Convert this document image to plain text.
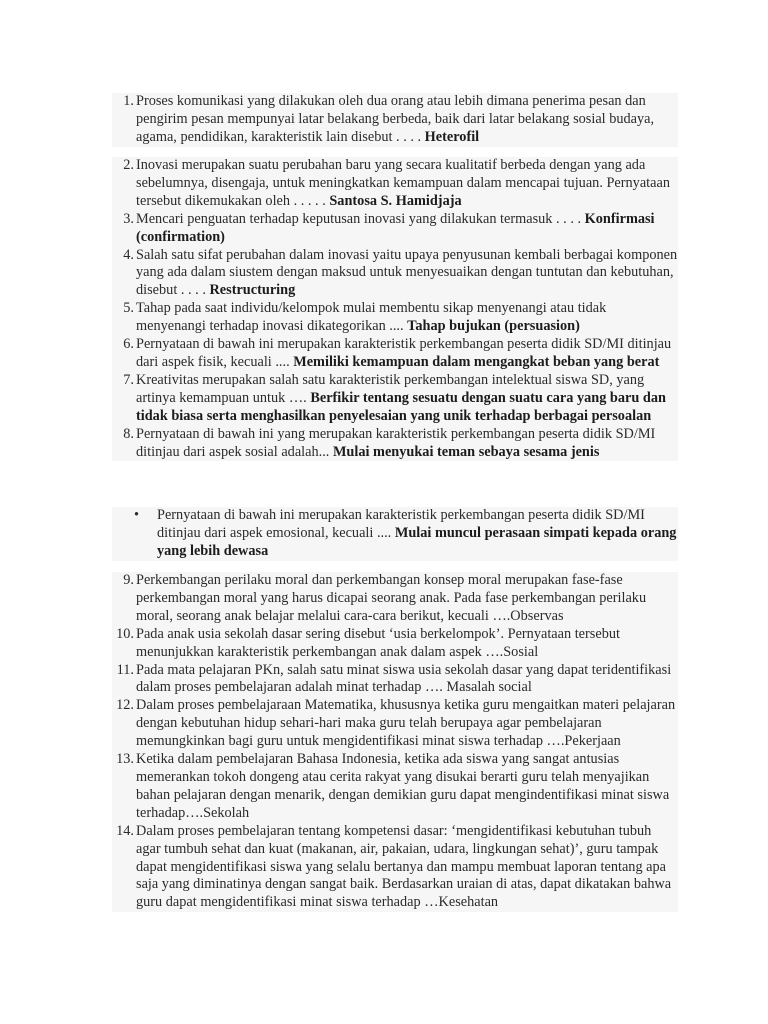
1. Proses komunikasi yang dilakukan oleh dua orang atau lebih dimana penerima pesan dan pengirim pesan mempunyai latar belakang berbeda, baik dari latar belakang sosial budaya, agama, pendidikan, karakteristik lain disebut . . . . Heterofil
2. Inovasi merupakan suatu perubahan baru yang secara kualitatif berbeda dengan yang ada sebelumnya, disengaja, untuk meningkatkan kemampuan dalam mencapai tujuan. Pernyataan tersebut dikemukakan oleh . . . . . Santosa S. Hamidjaja
3. Mencari penguatan terhadap keputusan inovasi yang dilakukan termasuk . . . . Konfirmasi (confirmation)
4. Salah satu sifat perubahan dalam inovasi yaitu upaya penyusunan kembali berbagai komponen yang ada dalam siustem dengan maksud untuk menyesuaikan dengan tuntutan dan kebutuhan, disebut . . . . Restructuring
5. Tahap pada saat individu/kelompok mulai membentu sikap menyenangi atau tidak menyenangi terhadap inovasi dikategorikan .... Tahap bujukan (persuasion)
6. Pernyataan di bawah ini merupakan karakteristik perkembangan peserta didik SD/MI ditinjau dari aspek fisik, kecuali .... Memiliki kemampuan dalam mengangkat beban yang berat
7. Kreativitas merupakan salah satu karakteristik perkembangan intelektual siswa SD, yang artinya kemampuan untuk …. Berfikir tentang sesuatu dengan suatu cara yang baru dan tidak biasa serta menghasilkan penyelesaian yang unik terhadap berbagai persoalan
8. Pernyataan di bawah ini yang merupakan karakteristik perkembangan peserta didik SD/MI ditinjau dari aspek sosial adalah... Mulai menyukai teman sebaya sesama jenis
• Pernyataan di bawah ini merupakan karakteristik perkembangan peserta didik SD/MI ditinjau dari aspek emosional, kecuali .... Mulai muncul perasaan simpati kepada orang yang lebih dewasa
9. Perkembangan perilaku moral dan perkembangan konsep moral merupakan fase-fase perkembangan moral yang harus dicapai seorang anak. Pada fase perkembangan perilaku moral, seorang anak belajar melalui cara-cara berikut, kecuali ….Observas
10. Pada anak usia sekolah dasar sering disebut ‘usia berkelompok’. Pernyataan tersebut menunjukkan karakteristik perkembangan anak dalam aspek ….Sosial
11. Pada mata pelajaran PKn, salah satu minat siswa usia sekolah dasar yang dapat teridentifikasi dalam proses pembelajaran adalah minat terhadap …. Masalah social
12. Dalam proses pembelajaraan Matematika, khususnya ketika guru mengaitkan materi pelajaran dengan kebutuhan hidup sehari-hari maka guru telah berupaya agar pembelajaran memungkinkan bagi guru untuk mengidentifikasi minat siswa terhadap ….Pekerjaan
13. Ketika dalam pembelajaran Bahasa Indonesia, ketika ada siswa yang sangat antusias memerankan tokoh dongeng atau cerita rakyat yang disukai berarti guru telah menyajikan bahan pelajaran dengan menarik, dengan demikian guru dapat mengindentifikasi minat siswa terhadap….Sekolah
14. Dalam proses pembelajaran tentang kompetensi dasar: ‘mengidentifikasi kebutuhan tubuh agar tumbuh sehat dan kuat (makanan, air, pakaian, udara, lingkungan sehat)’, guru tampak dapat mengidentifikasi siswa yang selalu bertanya dan mampu membuat laporan tentang apa saja yang diminatinya dengan sangat baik. Berdasarkan uraian di atas, dapat dikatakan bahwa guru dapat mengidentifikasi minat siswa terhadap …Kesehatan
